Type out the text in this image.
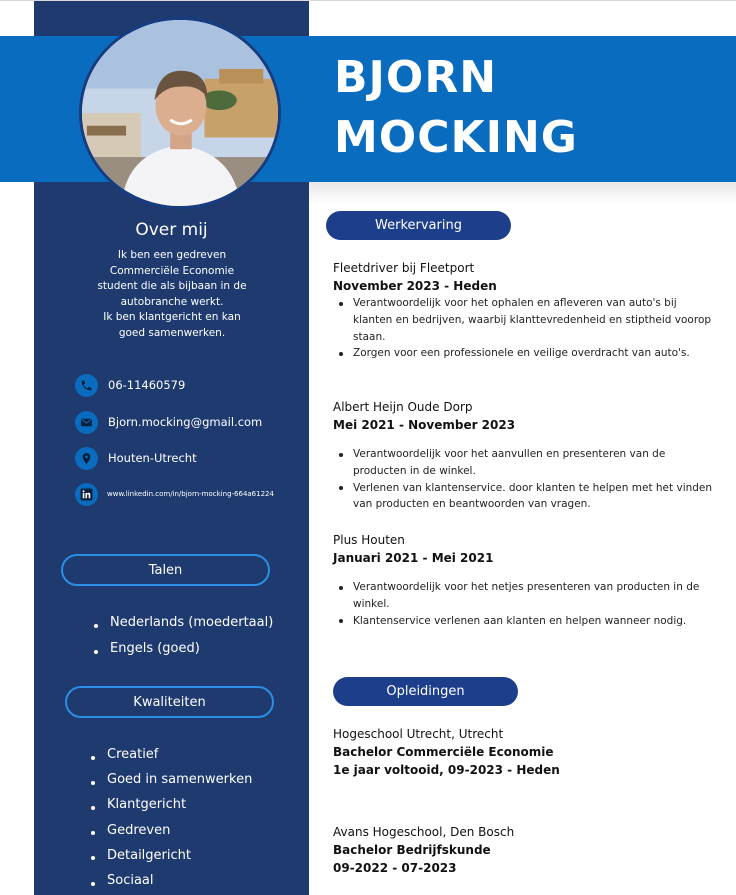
BJORN
MOCKING
Over mij
Ik ben een gedreven
Commerciële Economie
student die als bijbaan in de
autobranche werkt.
Ik ben klantgericht en kan
goed samenwerken.
06-11460579
Bjorn.mocking@gmail.com
Houten-Utrecht
www.linkedin.com/in/bjorn-mocking-664a61224
Talen
Nederlands (moedertaal)
Engels (goed)
Kwaliteiten
Creatief
Goed in samenwerken
Klantgericht
Gedreven
Detailgericht
Sociaal
Werkervaring
Fleetdriver bij Fleetport
November 2023 - Heden
Verantwoordelijk voor het ophalen en afleveren van auto's bij klanten en bedrijven, waarbij klanttevredenheid en stiptheid voorop staan.
Zorgen voor een professionele en veilige overdracht van auto's.
Albert Heijn Oude Dorp
Mei 2021 - November 2023
Verantwoordelijk voor het aanvullen en presenteren van de producten in de winkel.
Verlenen van klantenservice. door klanten te helpen met het vinden van producten en beantwoorden van vragen.
Plus Houten
Januari 2021 - Mei 2021
Verantwoordelijk voor het netjes presenteren van producten in de winkel.
Klantenservice verlenen aan klanten en helpen wanneer nodig.
Opleidingen
Hogeschool Utrecht, Utrecht
Bachelor Commerciële Economie
1e jaar voltooid, 09-2023 - Heden
Avans Hogeschool, Den Bosch
Bachelor Bedrijfskunde
09-2022 - 07-2023
